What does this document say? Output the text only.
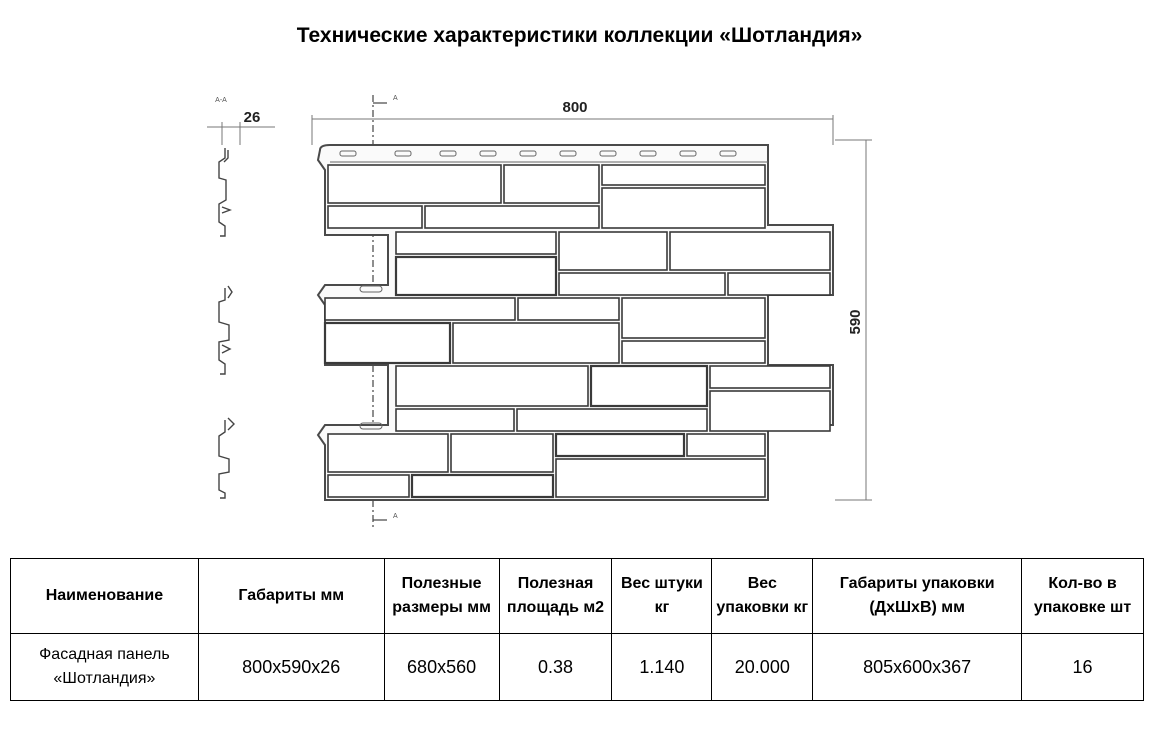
Технические характеристики коллекции «Шотландия»
800
590
26
A-A	A
A
Наименование	Габариты мм	Полезные размеры мм	Полезная площадь м2	Вес штуки кг	Вес упаковки кг	Габариты упаковки (ДхШхВ) мм	Кол-во в упаковке шт
Фасадная панель «Шотландия»	800х590х26	680х560	0.38	1.140	20.000	805х600х367	16
